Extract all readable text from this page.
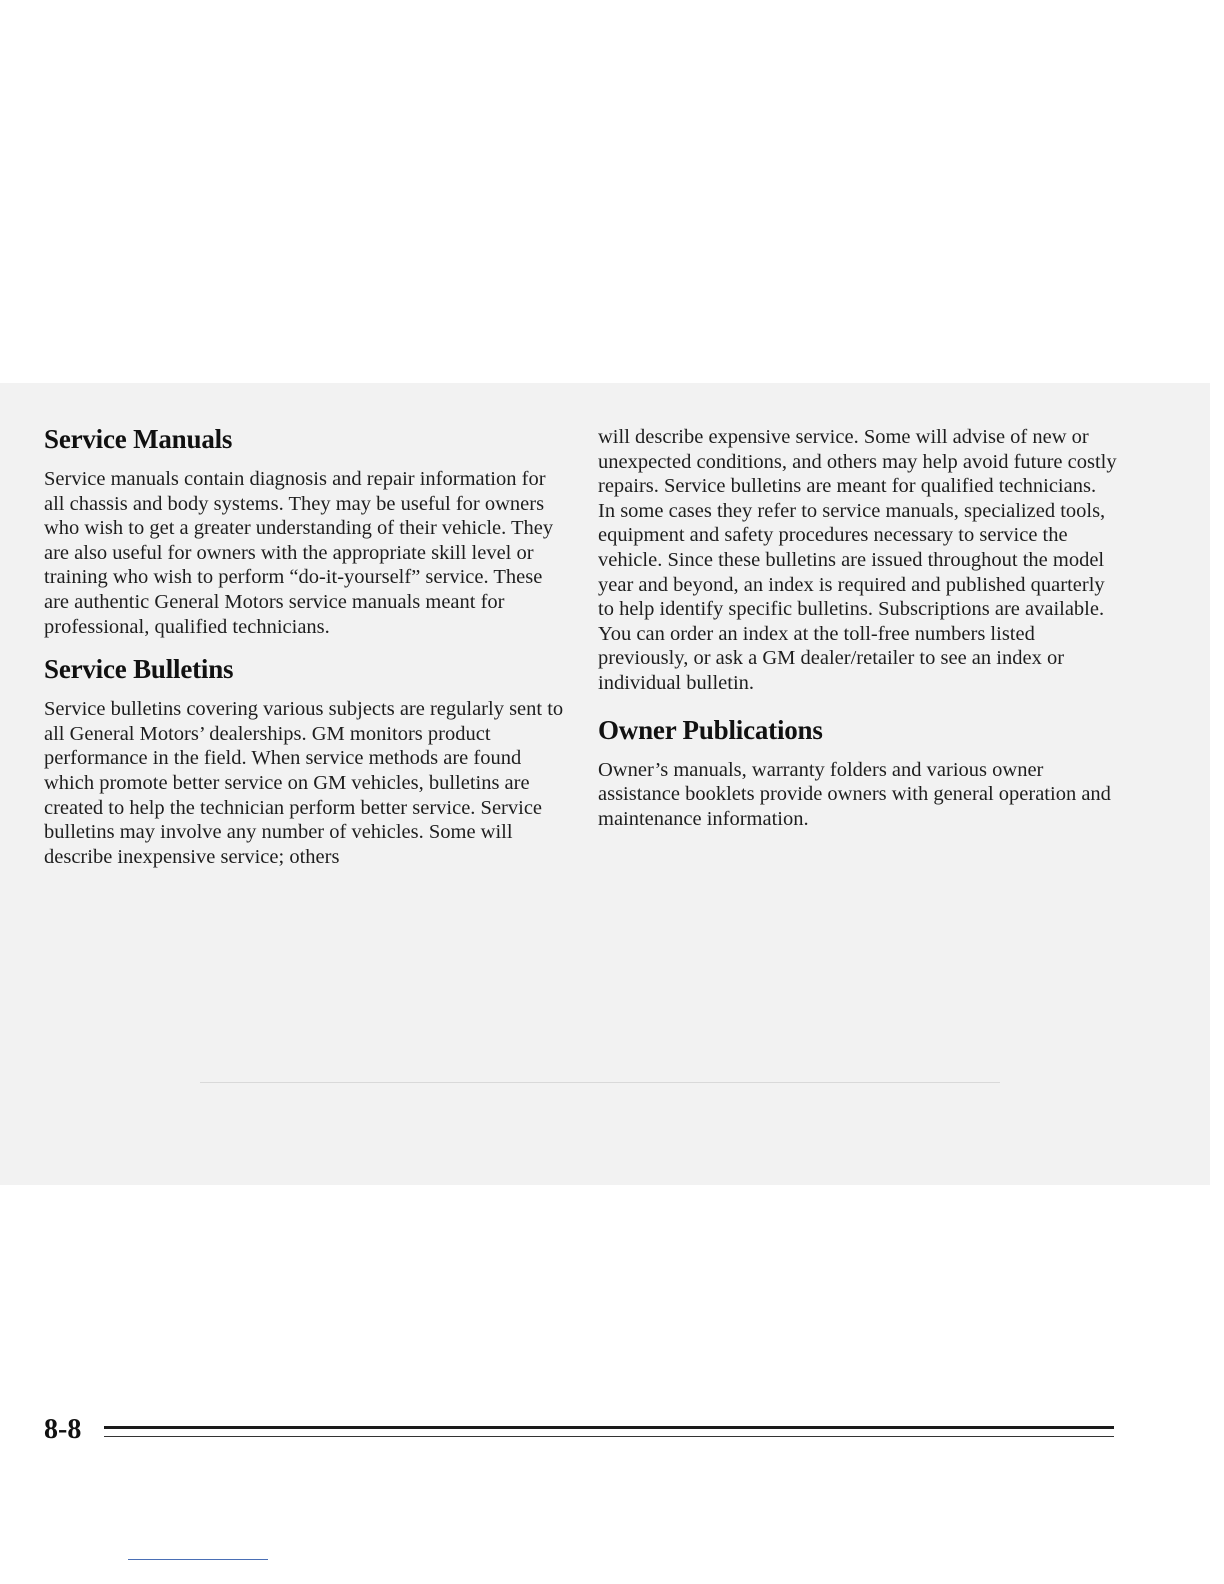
Service Manuals

Service manuals contain diagnosis and repair information for all chassis and body systems. They may be useful for owners who wish to get a greater understanding of their vehicle. They are also useful for owners with the appropriate skill level or training who wish to perform “do-it-yourself” service. These are authentic General Motors service manuals meant for professional, qualified technicians.

Service Bulletins

Service bulletins covering various subjects are regularly sent to all General Motors’ dealerships. GM monitors product performance in the field. When service methods are found which promote better service on GM vehicles, bulletins are created to help the technician perform better service. Service bulletins may involve any number of vehicles. Some will describe inexpensive service; others

will describe expensive service. Some will advise of new or unexpected conditions, and others may help avoid future costly repairs. Service bulletins are meant for qualified technicians. In some cases they refer to service manuals, specialized tools, equipment and safety procedures necessary to service the vehicle. Since these bulletins are issued throughout the model year and beyond, an index is required and published quarterly to help identify specific bulletins. Subscriptions are available. You can order an index at the toll-free numbers listed previously, or ask a GM dealer/retailer to see an index or individual bulletin.

Owner Publications

Owner’s manuals, warranty folders and various owner assistance booklets provide owners with general operation and maintenance information.

8-8
